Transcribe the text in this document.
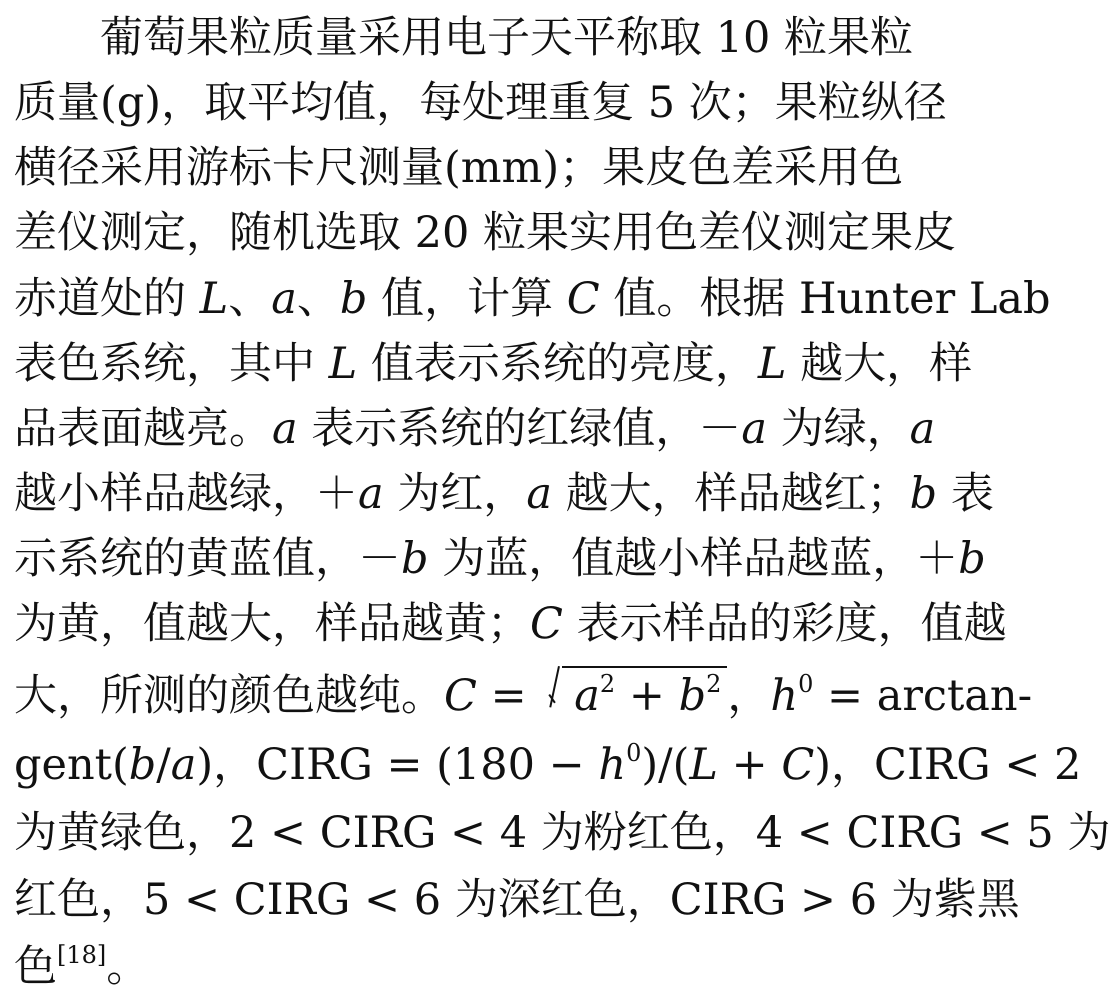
　　葡萄果粒质量采用电子天平称取 10 粒果粒
质量(g)，取平均值，每处理重复 5 次；果粒纵径
横径采用游标卡尺测量(mm)；果皮色差采用色
差仪测定，随机选取 20 粒果实用色差仪测定果皮
赤道处的 L、a、b 值，计算 C 值。根据 Hunter Lab
表色系统，其中 L 值表示系统的亮度，L 越大，样
品表面越亮。a 表示系统的红绿值，－a 为绿，a
越小样品越绿，＋a 为红，a 越大，样品越红；b 表
示系统的黄蓝值，－b 为蓝，值越小样品越蓝，＋b
为黄，值越大，样品越黄；C 表示样品的彩度，值越
大，所测的颜色越纯。C =
$a^2 + b^2$ ，$h^0 = \arctan-$
gent(b/a)，CIRG = $(180 - h^0)/(L + C)$，CIRG < 2
为黄绿色，2 < CIRG < 4 为粉红色，4 < CIRG < 5 为
红色，5 < CIRG < 6 为深红色，CIRG > 6 为紫黑
色[18]。
